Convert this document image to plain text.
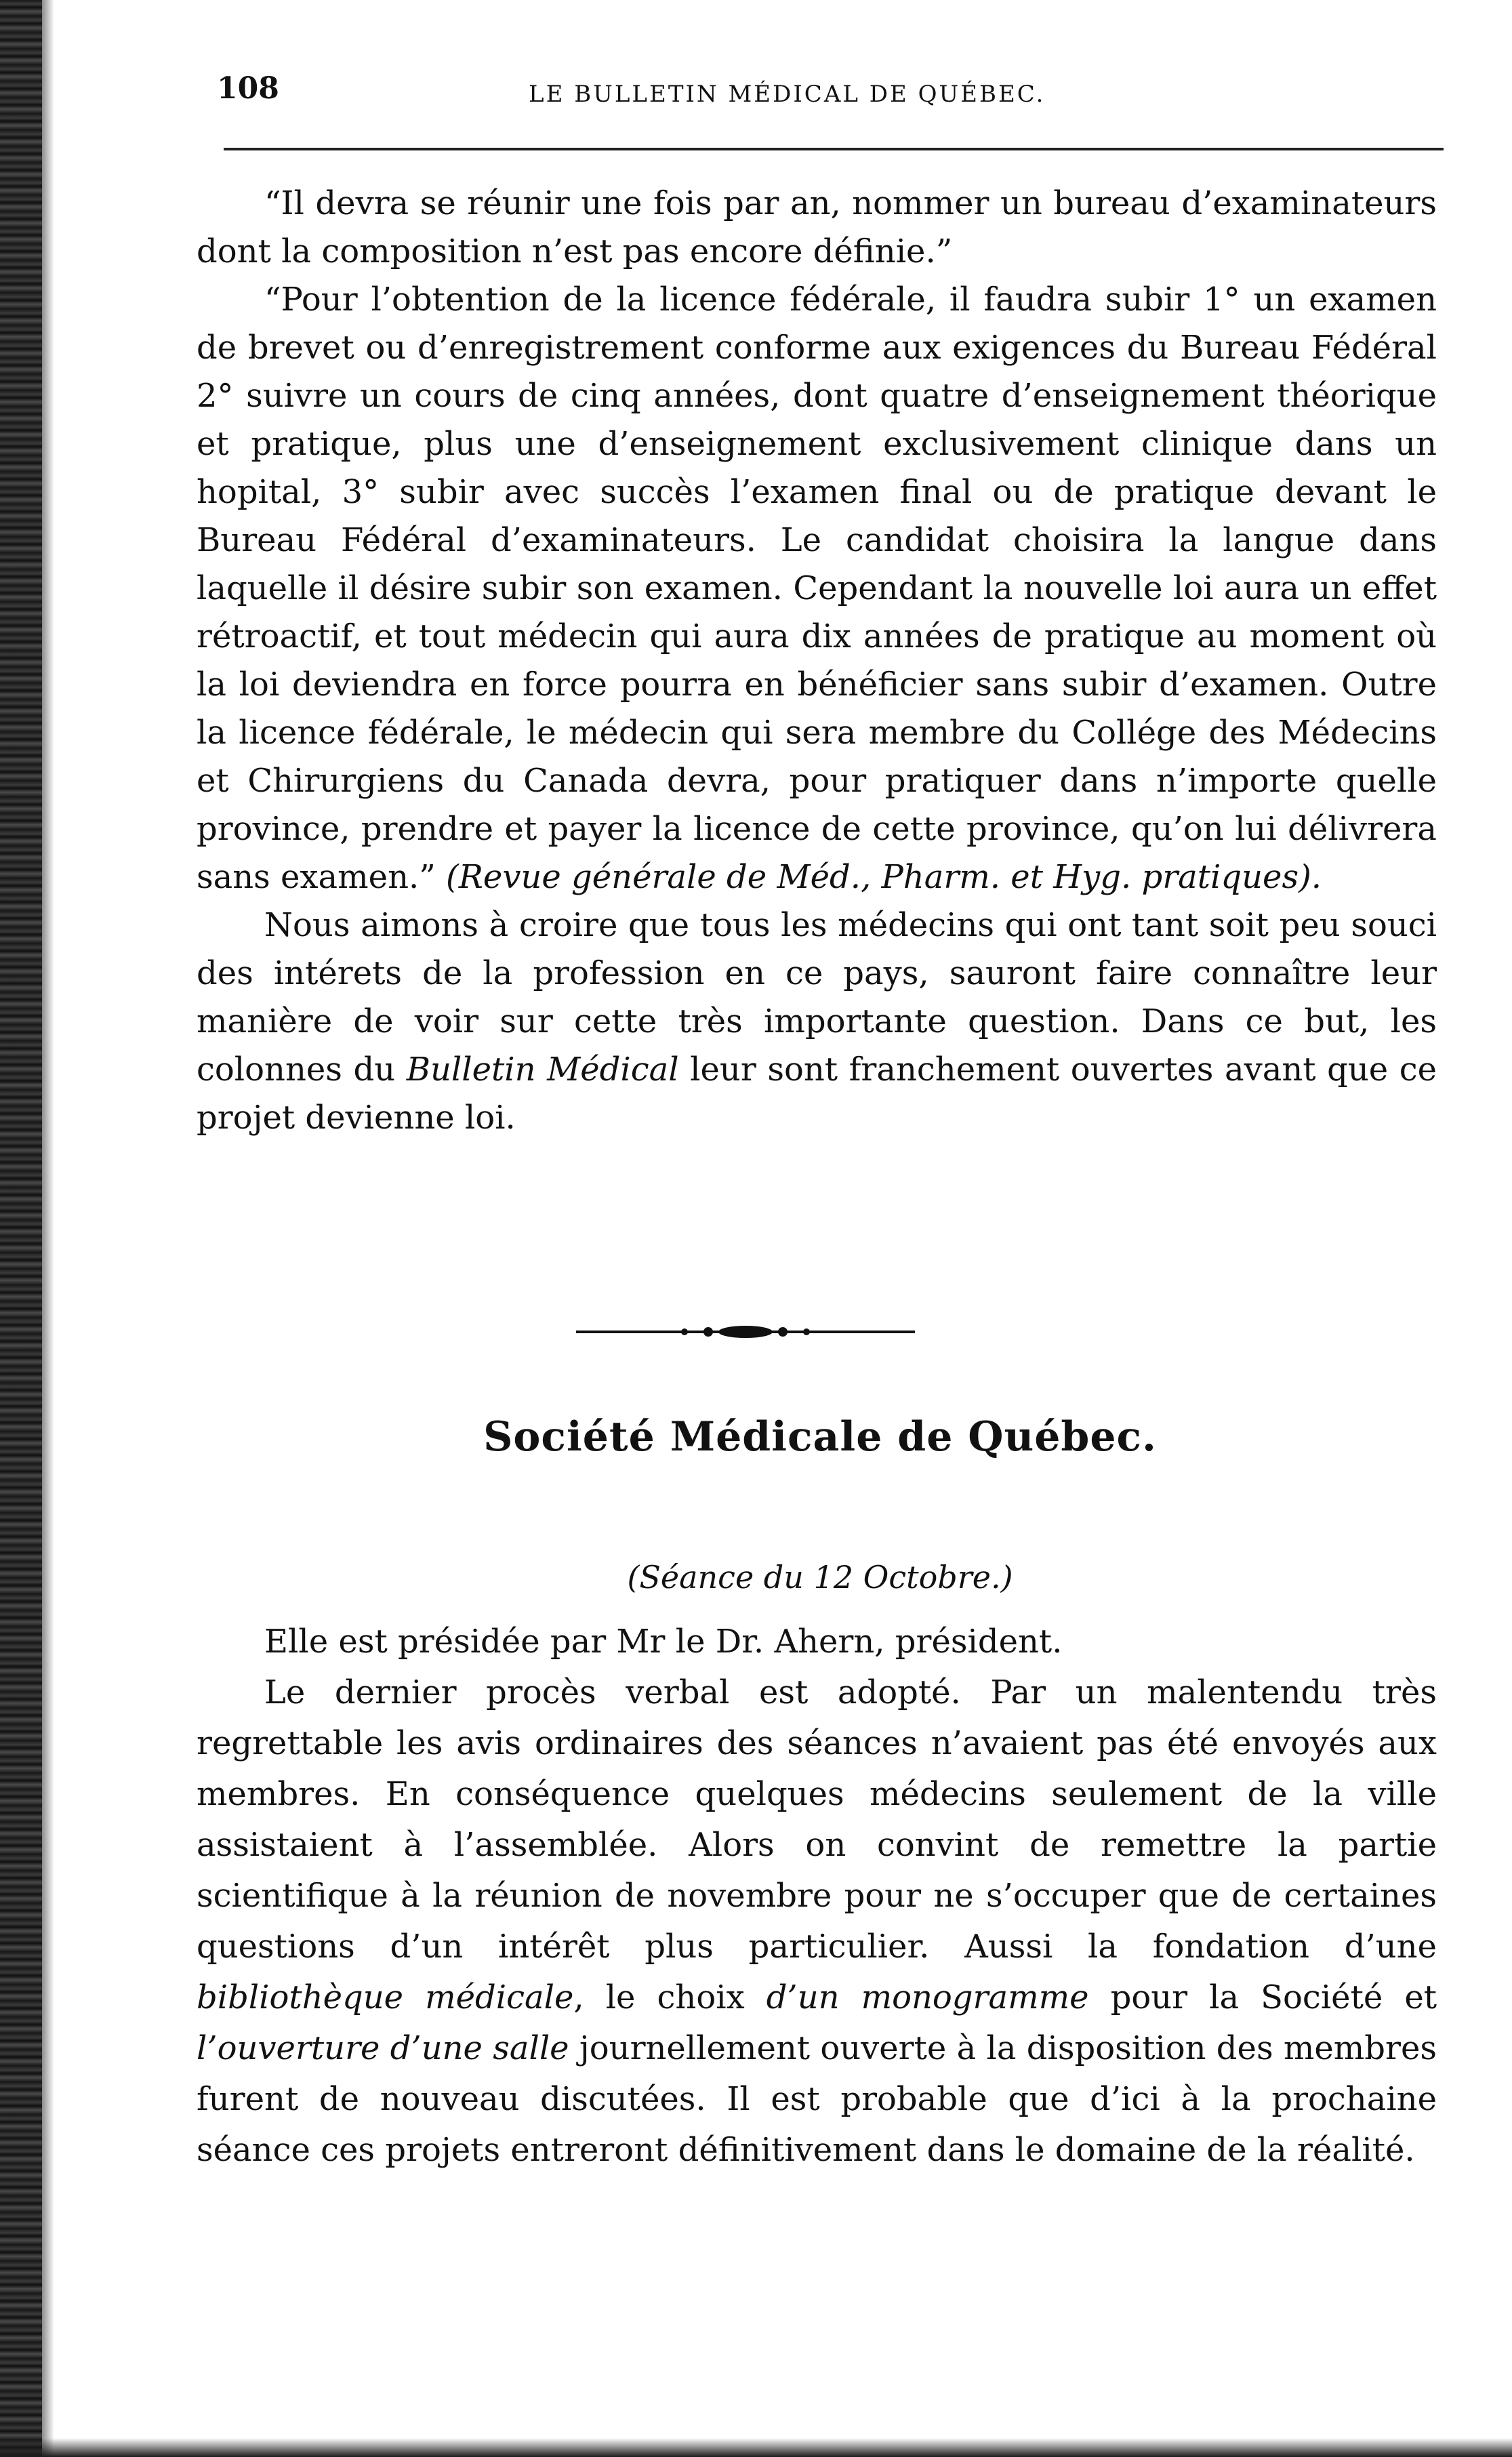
108	LE BULLETIN MÉDICAL DE QUÉBEC.

“Il devra se réunir une fois par an, nommer un bureau d’examinateurs dont la composition n’est pas encore définie.”

“Pour l’obtention de la licence fédérale, il faudra subir 1° un examen de brevet ou d’enregistrement conforme aux exigences du Bureau Fédéral 2° suivre un cours de cinq années, dont quatre d’enseignement théorique et pratique, plus une d’enseignement exclusivement clinique dans un hopital, 3° subir avec succès l’examen final ou de pratique devant le Bureau Fédéral d’examinateurs. Le candidat choisira la langue dans laquelle il désire subir son examen. Cependant la nouvelle loi aura un effet rétroactif, et tout médecin qui aura dix années de pratique au moment où la loi deviendra en force pourra en bénéficier sans subir d’examen. Outre la licence fédérale, le médecin qui sera membre du Collége des Médecins et Chirurgiens du Canada devra, pour pratiquer dans n’importe quelle province, prendre et payer la licence de cette province, qu’on lui délivrera sans examen.” (Revue générale de Méd., Pharm. et Hyg. pratiques).

Nous aimons à croire que tous les médecins qui ont tant soit peu souci des intérets de la profession en ce pays, sauront faire connaître leur manière de voir sur cette très importante question. Dans ce but, les colonnes du Bulletin Médical leur sont franchement ouvertes avant que ce projet devienne loi.

Société Médicale de Québec.
(Séance du 12 Octobre.)

Elle est présidée par Mr le Dr. Ahern, président.

Le dernier procès verbal est adopté. Par un malentendu très regrettable les avis ordinaires des séances n’avaient pas été envoyés aux membres. En conséquence quelques médecins seulement de la ville assistaient à l’assemblée. Alors on convint de remettre la partie scientifique à la réunion de novembre pour ne s’occuper que de certaines questions d’un intérêt plus particulier. Aussi la fondation d’une bibliothèque médicale, le choix d’un monogramme pour la Société et l’ouverture d’une salle journellement ouverte à la disposition des membres furent de nouveau discutées. Il est probable que d’ici à la prochaine séance ces projets entreront définitivement dans le domaine de la réalité.
